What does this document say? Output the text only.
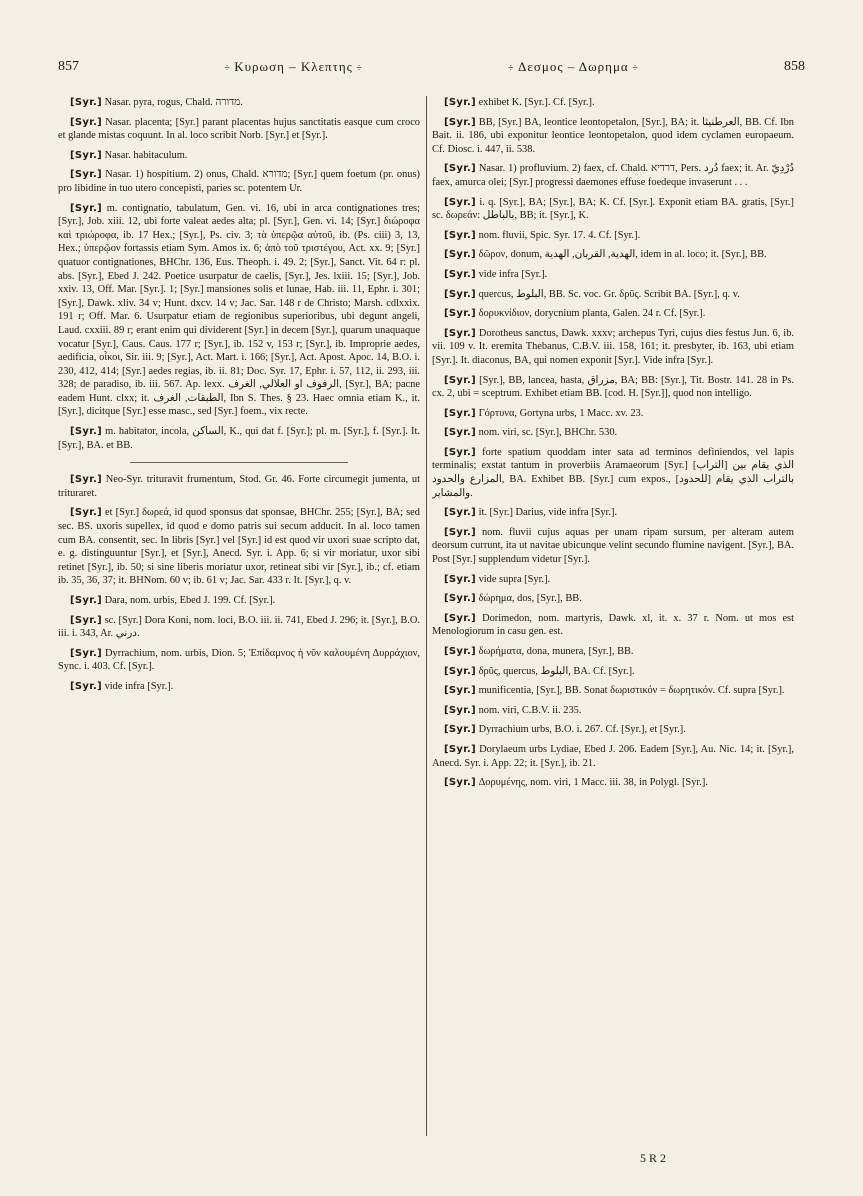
857	÷ Κυρωση – Κλεπτης ÷	÷ Δεσμος – Δωρημα ÷	858

[Syr.] Nasar. pyra, rogus, Chald. מדורה.

[Syr.] Nasar. placenta; [Syr.] parant placentas hujus sanctitatis easque cum croco et glande mistas coquunt. In al. loco scribit Norb. [Syr.] et [Syr.].

[Syr.] Nasar. habitaculum.

[Syr.] Nasar. 1) hospitium. 2) onus, Chald. מדורא; [Syr.] quem foetum (pr. onus) pro libidine in tuo utero concepisti, paries sc. potentem Ur.

[Syr.] m. contignatio, tabulatum, Gen. vi. 16, ubi in arca contignationes tres; [Syr.], Job. xiii. 12, ubi forte valeat aedes alta; pl. [Syr.], Gen. vi. 14; [Syr.] διώροφα καὶ τριώροφα, ib. 17 Hex.; [Syr.], Ps. civ. 3; τὰ ὑπερῷα αὐτοῦ, ib. (Ps. ciii) 3, 13, Hex.; ὑπερῷον fortassis etiam Sym. Amos ix. 6; ἀπὸ τοῦ τριστέγου, Act. xx. 9; [Syr.] quatuor contignationes, BHChr. 136, Eus. Theoph. i. 49. 2; [Syr.], Sanct. Vit. 64 r: pl. abs. [Syr.], Ebed J. 242. Poetice usurpatur de caelis, [Syr.], Jes. lxiii. 15; [Syr.], Job. xxiv. 13, Off. Mar. [Syr.]. 1; [Syr.] mansiones solis et lunae, Hab. iii. 11, Ephr. i. 301; [Syr.], Dawk. xliv. 34 v; Hunt. dxcv. 14 v; Jac. Sar. 148 r de Christo; Marsh. cdlxxix. 191 r; Off. Mar. 6. Usurpatur etiam de regionibus superioribus, ubi degunt angeli, Laud. cxxiii. 89 r; erant enim qui dividerent [Syr.] in decem [Syr.], quarum unaquaque vocatur [Syr.], Caus. Caus. 177 r; [Syr.], ib. 152 v, 153 r; [Syr.], ib. Improprie aedes, aedificia, οἶκοι, Sir. iii. 9; [Syr.], Act. Mart. i. 166; [Syr.], Act. Apost. Apoc. 14, B.O. i. 230, 412, 414; [Syr.] aedes regias, ib. ii. 81; Doc. Syr. 17, Ephr. i. 57, 112, ii. 293, iii. 328; de paradiso, ib. iii. 567. Ap. lexx. الرفوف او العلالي, الغرف, [Syr.], BA; pacne eadem Hunt. clxx; it. الطبقات, الغرف, Ibn S. Thes. § 23. Haec omnia etiam K., it. [Syr.], dicitque [Syr.] esse masc., sed [Syr.] foem., vix recte.

[Syr.] m. habitator, incola, الساكن, K., qui dat f. [Syr.]; pl. m. [Syr.], f. [Syr.]. It. [Syr.], BA. et BB.

[Syr.] Neo-Syr. trituravit frumentum, Stod. Gr. 46. Forte circumegit jumenta, ut trituraret.

[Syr.] et [Syr.] δωρεά, id quod sponsus dat sponsae, BHChr. 255; [Syr.], BA; sed sec. BS. uxoris supellex, id quod e domo patris sui secum adducit. In al. loco tamen cum BA. consentit, sec. In libris [Syr.] vel [Syr.] id est quod vir uxori suae scripto dat, e. g. distinguuntur [Syr.], et [Syr.], Anecd. Syr. i. App. 6; si vir moriatur, uxor sibi retinet [Syr.], ib. 50; si sine liberis moriatur uxor, retineat sibi vir [Syr.], ib.; cf. etiam ib. 35, 36, 37; it. BHNom. 60 v; ib. 61 v; Jac. Sar. 433 r. It. [Syr.], q. v.

[Syr.] Dara, nom. urbis, Ebed J. 199. Cf. [Syr.].

[Syr.] sc. [Syr.] Dora Koni, nom. loci, B.O. iii. ii. 741, Ebed J. 296; it. [Syr.], B.O. iii. i. 343, Ar. درني.

[Syr.] Dyrrachium, nom. urbis, Dion. 5; Ἐπίδαμνος ἡ νῦν καλουμένη Δυρράχιον, Sync. i. 403. Cf. [Syr.].

[Syr.] vide infra [Syr.].

[Syr.] exhibet K. [Syr.]. Cf. [Syr.].

[Syr.] BB, [Syr.] BA, leontice leontopetalon, [Syr.], BA; it. العرطنيثا, BB. Cf. Ibn Bait. ii. 186, ubi exponitur leontice leontopetalon, quod idem cyclamen europaeum. Cf. Diosc. i. 447, ii. 538.

[Syr.] Nasar. 1) profluvium. 2) faex, cf. Chald. דרדיא, Pers. دُرد faex; it. Ar. دُرْدِيّ faex, amurca olei; [Syr.] progressi daemones effuse foedeque invaserunt . . .

[Syr.] i. q. [Syr.], BA; [Syr.], BA; K. Cf. [Syr.]. Exponit etiam BA. gratis, [Syr.] sc. δωρεάν: بالباطل, BB; it. [Syr.], K.

[Syr.] nom. fluvii, Spic. Syr. 17. 4. Cf. [Syr.].

[Syr.] δῶρον, donum, الهدية, القربان, الهدية, idem in al. loco; it. [Syr.], BB.

[Syr.] vide infra [Syr.].

[Syr.] quercus, البلوط, BB. Sc. voc. Gr. δρῦς. Scribit BA. [Syr.], q. v.

[Syr.] δορυκνίδιον, dorycnium planta, Galen. 24 r. Cf. [Syr.].

[Syr.] Dorotheus sanctus, Dawk. xxxv; archepus Tyri, cujus dies festus Jun. 6, ib. vii. 109 v. It. eremita Thebanus, C.B.V. iii. 158, 161; it. presbyter, ib. 163, ubi etiam [Syr.]. It. diaconus, BA, qui nomen exponit [Syr.]. Vide infra [Syr.].

[Syr.] [Syr.], BB, lancea, hasta, مزراق, BA; BB: [Syr.], Tit. Bostr. 141. 28 in Ps. cx. 2, ubi = sceptrum. Exhibet etiam BB. [cod. H. [Syr.]], quod non intelligo.

[Syr.] Γόρτυνα, Gortyna urbs, 1 Macc. xv. 23.

[Syr.] nom. viri, sc. [Syr.], BHChr. 530.

[Syr.] forte spatium quoddam inter sata ad terminos definiendos, vel lapis terminalis; exstat tantum in proverbiis Aramaeorum [Syr.] [التراب] الذي يقام بين المزارع والحدود, BA. Exhibet BB. [Syr.] cum expos., بالتراب الذي يقام [للحدود] والمشاير.

[Syr.] it. [Syr.] Darius, vide infra [Syr.].

[Syr.] nom. fluvii cujus aquas per unam ripam sursum, per alteram autem deorsum currunt, ita ut navitae ubicunque velint secundo flumine navigent. [Syr.], BA. Post [Syr.] supplendum videtur [Syr.].

[Syr.] vide supra [Syr.].

[Syr.] δώρημα, dos, [Syr.], BB.

[Syr.] Dorimedon, nom. martyris, Dawk. xl, it. x. 37 r. Nom. ut mos est Menologiorum in casu gen. est.

[Syr.] δωρήματα, dona, munera, [Syr.], BB.

[Syr.] δρῦς, quercus, البلوط, BA. Cf. [Syr.].

[Syr.] munificentia, [Syr.], BB. Sonat δωριστικόν = δωρητικόν. Cf. supra [Syr.].

[Syr.] nom. viri, C.B.V. ii. 235.

[Syr.] Dyrrachium urbs, B.O. i. 267. Cf. [Syr.], et [Syr.].

[Syr.] Dorylaeum urbs Lydiae, Ebed J. 206. Eadem [Syr.], Au. Nic. 14; it. [Syr.], Anecd. Syr. i. App. 22; it. [Syr.], ib. 21.

[Syr.] Δορυμένης, nom. viri, 1 Macc. iii. 38, in Polygl. [Syr.].

5 R 2
